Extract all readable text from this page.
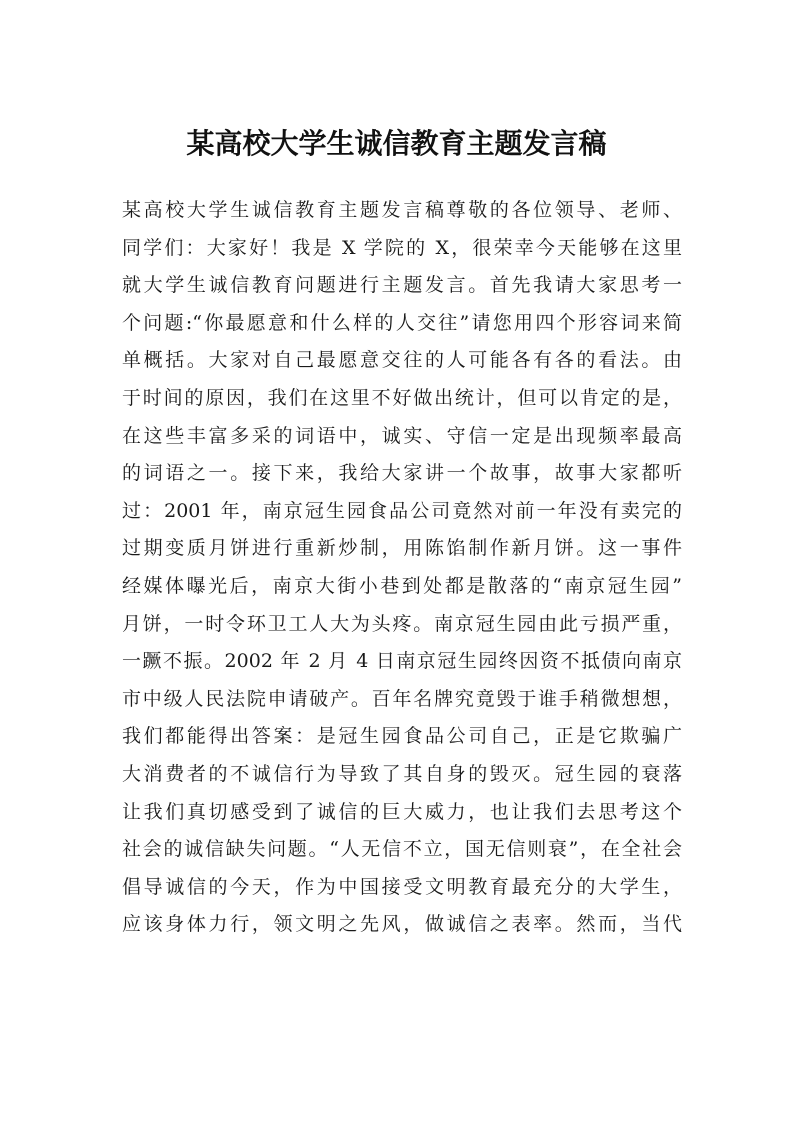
某高校大学生诚信教育主题发言稿
某高校大学生诚信教育主题发言稿尊敬的各位领导、老师、
同学们：大家好！我是 X 学院的 X，很荣幸今天能够在这里
就大学生诚信教育问题进行主题发言。首先我请大家思考一
个问题:“你最愿意和什么样的人交往”请您用四个形容词来简
单概括。大家对自己最愿意交往的人可能各有各的看法。由
于时间的原因，我们在这里不好做出统计，但可以肯定的是，
在这些丰富多采的词语中，诚实、守信一定是出现频率最高
的词语之一。接下来，我给大家讲一个故事，故事大家都听
过：2001 年，南京冠生园食品公司竟然对前一年没有卖完的
过期变质月饼进行重新炒制，用陈馅制作新月饼。这一事件
经媒体曝光后，南京大街小巷到处都是散落的“南京冠生园”
月饼，一时令环卫工人大为头疼。南京冠生园由此亏损严重，
一蹶不振。2002 年 2 月 4 日南京冠生园终因资不抵债向南京
市中级人民法院申请破产。百年名牌究竟毁于谁手稍微想想，
我们都能得出答案：是冠生园食品公司自己，正是它欺骗广
大消费者的不诚信行为导致了其自身的毁灭。冠生园的衰落
让我们真切感受到了诚信的巨大威力，也让我们去思考这个
社会的诚信缺失问题。“人无信不立，国无信则衰”，在全社会
倡导诚信的今天，作为中国接受文明教育最充分的大学生，
应该身体力行，领文明之先风，做诚信之表率。然而，当代
